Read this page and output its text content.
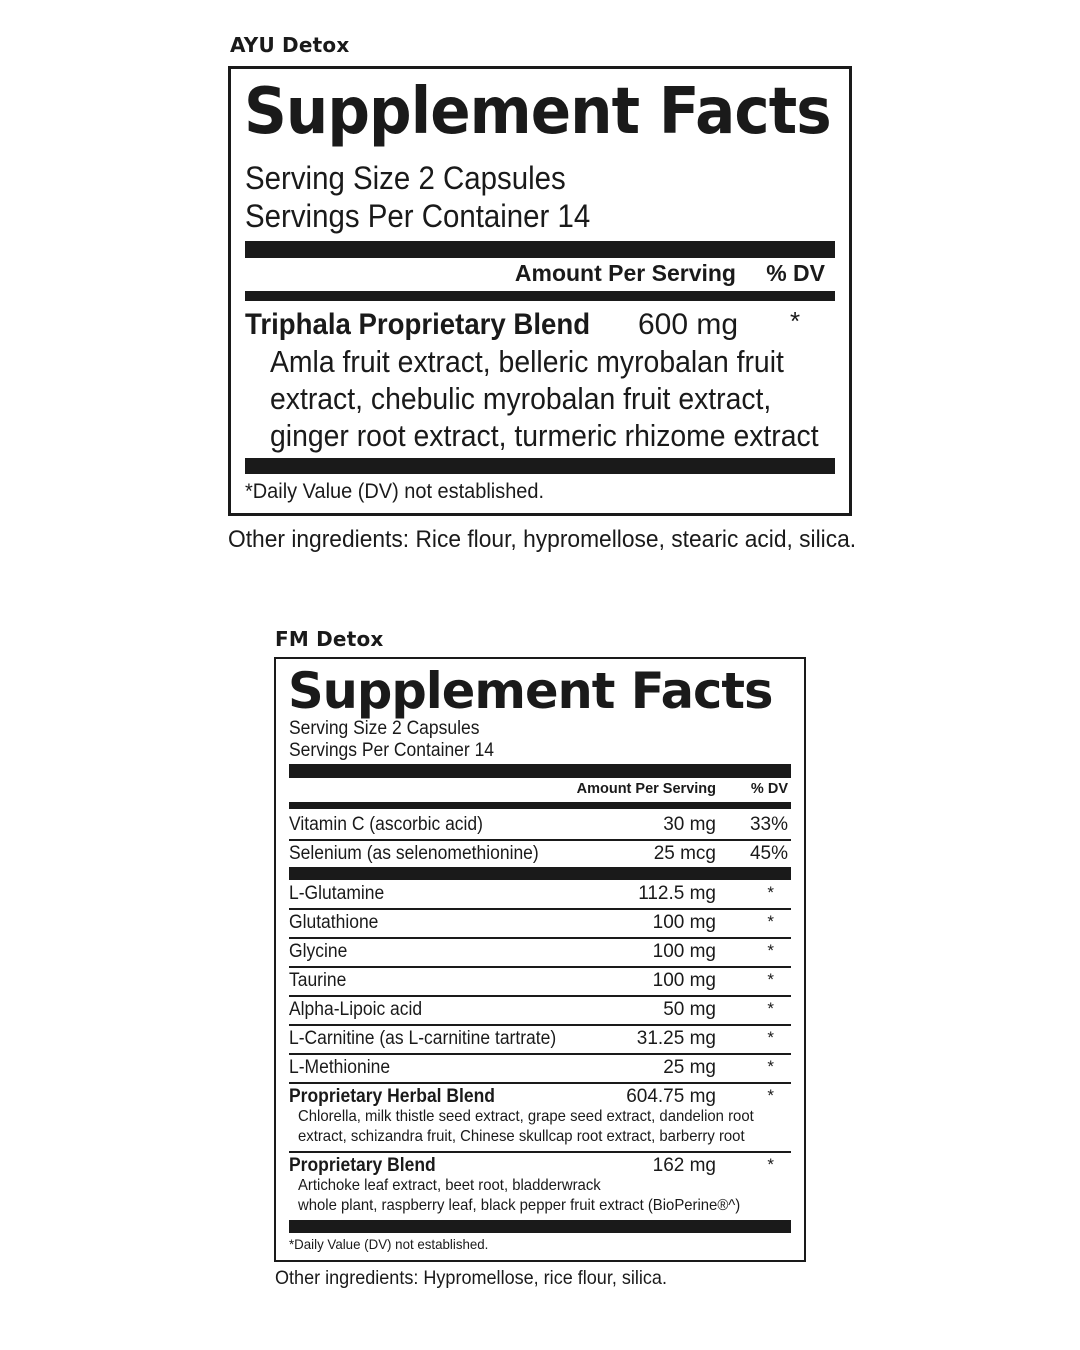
AYU Detox
Supplement Facts
Serving Size 2 Capsules
Servings Per Container 14
Amount Per Serving	% DV
Triphala Proprietary Blend 600 mg *
Amla fruit extract, belleric myrobalan fruit
extract, chebulic myrobalan fruit extract,
ginger root extract, turmeric rhizome extract
*Daily Value (DV) not established.
Other ingredients: Rice flour, hypromellose, stearic acid, silica.
FM Detox
Supplement Facts
Serving Size 2 Capsules
Servings Per Container 14
Amount Per Serving	% DV
Vitamin C (ascorbic acid)	30 mg	33%
Selenium (as selenomethionine)	25 mcg	45%
L-Glutamine	112.5 mg	*
Glutathione	100 mg	*
Glycine	100 mg	*
Taurine	100 mg	*
Alpha-Lipoic acid	50 mg	*
L-Carnitine (as L-carnitine tartrate)	31.25 mg	*
L-Methionine	25 mg	*
Proprietary Herbal Blend	604.75 mg	*
Chlorella, milk thistle seed extract, grape seed extract, dandelion root
extract, schizandra fruit, Chinese skullcap root extract, barberry root
Proprietary Blend	162 mg	*
Artichoke leaf extract, beet root, bladderwrack
whole plant, raspberry leaf, black pepper fruit extract (BioPerine®^)
*Daily Value (DV) not established.
Other ingredients: Hypromellose, rice flour, silica.
